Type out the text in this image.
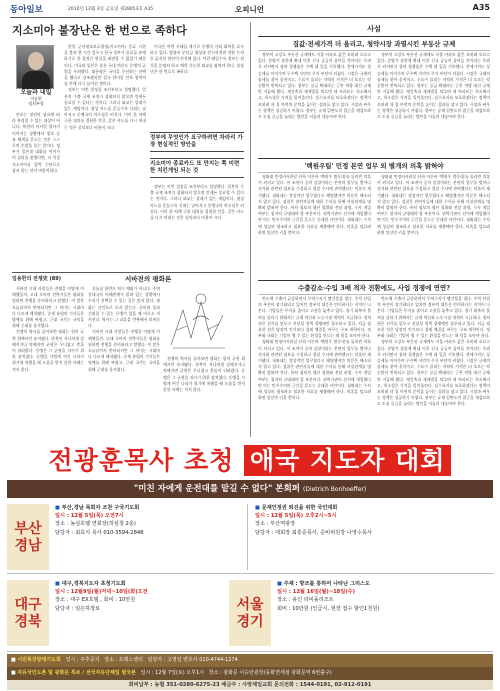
동아일보	2010년 12월 3일 금요일 제28053호 A35	오피니언	A35
지소미아 불장난은 한 번으로 족하다
오늘과 내일
이승헌
정치부장

한일 군사정보보호협정(지소미아) 종료 시한을 불과 몇 시간 앞두고 한국 정부가 종료를 유예하기로 한 결정은 현실을 외면할 수 없었기 때문이다. 미국과 일본은 물론 국내 여론도 동맹의 균열을 우려했다. 대통령은 국익을 우선하는 선택을 했다고 강조했지만 결국 한미일 안보 협력의 틀 안에 다시 들어선 셈이다.

정부는 이번 결정을 조건부라고 설명했다. 일본의 수출 규제 조치가 철회되지 않으면 언제든 종료할 수 있다는 것이다. 그러나 외교는 상대가 있는 게임이다. 협상 카드를 흔들수록 신뢰는 낮아지고 동맹국의 의구심은 커진다. 이미 한 차례 극한 대치를 경험한 만큼, 같은 카드를 다시 꺼내는 것은 실익보다 비용이 크다.

안보는 정권의 필요에 따라 흥정할 수 있는 대상이 아니다. 북한의 미사일 발사가 이어지는 상황에서 정보 공유 체계를 흔드는 것은 스스로의 손발을 묶는 일이다. 정부가 일본과 대화를 이어가며 실리를 찾겠다면, 더 이상 지소미아를 압박 수단으로 삼지 않는 것이 바람직하다.

미국은 이번 사태를 계기로 동맹의 신뢰 회복을 요구하고 있다. 방위비 분담금 협상과 전시작전권 전환 논의 등 굵직한 현안이 산적해 있다. 이런 때일수록 정부는 원칙을 분명히 하고 예측 가능한 외교를 펼쳐야 한다. 불장난은 한 번으로 족하다.

정부에 무엇인가 요구하려면 차라리 가장 현실적인 방안을
지소미아 종료카드 또 만지는 쪽 미련한 치킨게임 되는 것

정부는 이번 결정을 조건부라고 설명했다. 일본의 수출 규제 조치가 철회되지 않으면 언제든 종료할 수 있다는 것이다. 그러나 외교는 상대가 있는 게임이다. 협상 카드를 흔들수록 신뢰는 낮아지고 동맹국의 의구심은 커진다. 이미 한 차례 극한 대치를 경험한 만큼, 같은 카드를 다시 꺼내는 것은 실익보다 비용이 크다.

임용한의 전쟁史 (89)	서바전의 평화론

서바전 시대 사람들은 전쟁을 어떻게 이해했을까. 고대 로마의 전략가들은 평화를 원하면 전쟁을 준비하라고 말했다. 이 말은 오늘날까지 반복되지만 그 의미는 시대마다 다르게 해석됐다. 중세 유럽의 기사들은 명예를 위해 싸웠고, 근대 국가는 국익을 위해 군대를 움직였다.

전쟁의 역사를 돌아보면 평화는 힘의 균형 위에서만 유지됐다. 한쪽이 지나치게 강해지거나 약해지면 균형은 무너졌고 충돌이 뒤따랐다. 동맹은 그 균형을 지키기 위한 장치였다. 동맹을 가볍게 여긴 나라가 위기에 처했을 때 도움을 받지 못한 사례는 적지 않다.

오늘날 한반도 역시 예외가 아니다. 주변 강대국의 이해관계가 얽혀 있는 상황에서 우리가 선택할 수 있는 길은 많지 않다. 평화는 선언으로 오지 않는다. 준비된 힘과 신뢰할 수 있는 동맹이 있을 때 비로소 지켜진다. 역사는 그 교훈을 반복해서 보여준다.

서바전 시대 사람들은 전쟁을 어떻게 이해했을까. 고대 로마의 전략가들은 평화를 원하면 전쟁을 준비하라고 말했다. 이 말은 오늘날까지 반복되지만 그 의미는 시대마다 다르게 해석됐다. 중세 유럽의 기사들은 명예를 위해 싸웠고, 근대 국가는 국익을 위해 군대를 움직였다.

전쟁의 역사를 돌아보면 평화는 힘의 균형 위에서만 유지됐다. 한쪽이 지나치게 강해지거나 약해지면 균형은 무너졌고 충돌이 뒤따랐다. 동맹은 그 균형을 지키기 위한 장치였다. 동맹을 가볍게 여긴 나라가 위기에 처했을 때 도움을 받지 못한 사례는 적지 않다.

사설
집값·전세가격 더 올리고, 청약시장 과열시킨 부동산 규제

정부의 고강도 부동산 규제에도 서울 아파트 값은 오히려 오르고 있다. 분양가 상한제 확대 이후 신규 공급이 줄어들 것이라는 우려가 커지면서 청약 경쟁률은 수백 대 일을 기록했다. 전세가격도 상승세를 이어가며 무주택 서민의 주거 부담이 커졌다. 시장은 규제의 틈새를 찾아 움직이고, 수요가 몰리는 지역의 가격은 더 오르는 악순환이 반복되고 있다. 정부는 공급 확대라는 근본 처방 대신 규제만 거듭해 왔다. 재건축과 재개발을 막으면 새 아파트는 희소해지고, 희소성은 가격을 밀어올린다. 실수요자를 보호하겠다는 정책이 오히려 내 집 마련의 문턱을 높이는 결과를 낳고 있다. 시장과 싸우는 정책은 성공하기 어렵다. 정부는 규제 일변도의 접근을 재검토하고 도심 공급을 늘리는 방안을 서둘러 내놓아야 한다.

정부의 고강도 부동산 규제에도 서울 아파트 값은 오히려 오르고 있다. 분양가 상한제 확대 이후 신규 공급이 줄어들 것이라는 우려가 커지면서 청약 경쟁률은 수백 대 일을 기록했다. 전세가격도 상승세를 이어가며 무주택 서민의 주거 부담이 커졌다. 시장은 규제의 틈새를 찾아 움직이고, 수요가 몰리는 지역의 가격은 더 오르는 악순환이 반복되고 있다. 정부는 공급 확대라는 근본 처방 대신 규제만 거듭해 왔다. 재건축과 재개발을 막으면 새 아파트는 희소해지고, 희소성은 가격을 밀어올린다. 실수요자를 보호하겠다는 정책이 오히려 내 집 마련의 문턱을 높이는 결과를 낳고 있다. 시장과 싸우는 정책은 성공하기 어렵다. 정부는 규제 일변도의 접근을 재검토하고 도심 공급을 늘리는 방안을 서둘러 내놓아야 한다.

'백원우팀' 민정 본연 업무 외 별개의 의혹 밝혀야

청와대 민정비서관실 산하 이른바 '백원우 별동대'를 둘러싼 의혹이 커지고 있다. 이 조직이 공직 감찰이라는 본연의 업무를 벗어나 선거와 관련된 첩보를 수집하고 경찰 수사에 관여했다는 의혹이 제기됐다. 청와대는 정상적인 업무였다고 해명했지만 의문은 해소되지 않고 있다. 검찰은 관련자들에 대한 수사를 통해 사실관계를 명확히 밝혀야 한다. 특히 첩보의 생산 경위와 전달 과정, 수사 개입 여부는 철저히 규명돼야 할 부분이다. 권력기관이 선거에 개입했다면 이는 민주주의의 근간을 흔드는 중대한 사안이다. 청와대는 수사에 성실히 협조하고 필요한 자료를 제출해야 한다. 의혹을 덮으려 하면 불신만 키울 뿐이다.

청와대 민정비서관실 산하 이른바 '백원우 별동대'를 둘러싼 의혹이 커지고 있다. 이 조직이 공직 감찰이라는 본연의 업무를 벗어나 선거와 관련된 첩보를 수집하고 경찰 수사에 관여했다는 의혹이 제기됐다. 청와대는 정상적인 업무였다고 해명했지만 의문은 해소되지 않고 있다. 검찰은 관련자들에 대한 수사를 통해 사실관계를 명확히 밝혀야 한다. 특히 첩보의 생산 경위와 전달 과정, 수사 개입 여부는 철저히 규명돼야 할 부분이다. 권력기관이 선거에 개입했다면 이는 민주주의의 근간을 흔드는 중대한 사안이다. 청와대는 수사에 성실히 협조하고 필요한 자료를 제출해야 한다. 의혹을 덮으려 하면 불신만 키울 뿐이다.

수출감소·수입 3배 적자 전환에도, 사업 경쟁에 연연?

반도체 수출이 급감하면서 무역수지가 빨간불을 켰다. 주력 산업의 부진이 장기화되고 있지만 정부의 대응은 안이하다는 지적이 나온다. 기업들은 투자를 줄이고 고용을 늦추고 있다. 경기 회복의 불씨를 살리기 위해서는 규제 혁신과 노동시장 개혁이 시급하다. 정치권은 선거를 앞두고 선심성 정책 경쟁에만 몰두하고 있다. 지금 필요한 것은 당장의 인기보다 경제 체질을 바꾸는 구조 개혁이다. 정부와 국회는 기업이 뛸 수 있는 환경을 만드는 데 힘을 모아야 한다.

청와대 민정비서관실 산하 이른바 '백원우 별동대'를 둘러싼 의혹이 커지고 있다. 이 조직이 공직 감찰이라는 본연의 업무를 벗어나 선거와 관련된 첩보를 수집하고 경찰 수사에 관여했다는 의혹이 제기됐다. 청와대는 정상적인 업무였다고 해명했지만 의문은 해소되지 않고 있다. 검찰은 관련자들에 대한 수사를 통해 사실관계를 명확히 밝혀야 한다. 특히 첩보의 생산 경위와 전달 과정, 수사 개입 여부는 철저히 규명돼야 할 부분이다. 권력기관이 선거에 개입했다면 이는 민주주의의 근간을 흔드는 중대한 사안이다. 청와대는 수사에 성실히 협조하고 필요한 자료를 제출해야 한다. 의혹을 덮으려 하면 불신만 키울 뿐이다.

반도체 수출이 급감하면서 무역수지가 빨간불을 켰다. 주력 산업의 부진이 장기화되고 있지만 정부의 대응은 안이하다는 지적이 나온다. 기업들은 투자를 줄이고 고용을 늦추고 있다. 경기 회복의 불씨를 살리기 위해서는 규제 혁신과 노동시장 개혁이 시급하다. 정치권은 선거를 앞두고 선심성 정책 경쟁에만 몰두하고 있다. 지금 필요한 것은 당장의 인기보다 경제 체질을 바꾸는 구조 개혁이다. 정부와 국회는 기업이 뛸 수 있는 환경을 만드는 데 힘을 모아야 한다.

정부의 고강도 부동산 규제에도 서울 아파트 값은 오히려 오르고 있다. 분양가 상한제 확대 이후 신규 공급이 줄어들 것이라는 우려가 커지면서 청약 경쟁률은 수백 대 일을 기록했다. 전세가격도 상승세를 이어가며 무주택 서민의 주거 부담이 커졌다. 시장은 규제의 틈새를 찾아 움직이고, 수요가 몰리는 지역의 가격은 더 오르는 악순환이 반복되고 있다. 정부는 공급 확대라는 근본 처방 대신 규제만 거듭해 왔다. 재건축과 재개발을 막으면 새 아파트는 희소해지고, 희소성은 가격을 밀어올린다. 실수요자를 보호하겠다는 정책이 오히려 내 집 마련의 문턱을 높이는 결과를 낳고 있다. 시장과 싸우는 정책은 성공하기 어렵다. 정부는 규제 일변도의 접근을 재검토하고 도심 공급을 늘리는 방안을 서둘러 내놓아야 한다.

전광훈목사 초청 애국 지도자 대회
"미친 자에게 운전대를 맡길 수 없다" 본회퍼 (Dietrich Bonhoeffer)
부산
경남
■ 부산,경남 목회자 조찬 구국기도회
일시 : 12월 5일(목) 오전7시
장소 : 농심호텔 연회장(허심청 2층)
담당자 : 최효식 목사 010-3594-2848
■ 문재인정권 퇴진을 위한 국민대회
일시 : 12월 5일(목) 오후2시~5시
장소 : 부산역광장
담당자 : 대회장 최흥준목사, 준비위원장 나영수목사
대구
경북
■ 대구,경북지도자 초청기도회
일시 : 12월9일(월)저녁~10일(화)오전
장소 : 대구 EX호텔 , 회비 : 10만원
담당자 : 임은하장로	서울
경기
■ 주제 : 향조를 통하여 나타난 그리스도
일시 : 12월 16일(월)~18일(수)
장소 : 용인 라비돌리조트
회비 : 10만원 (인급식, 현장 접수 할인1천원)
■ 시민특강방대기도회 일시 : 주후공지 장소 : 프레스센터 담당자 : 고영일 변호사 010-4744-1274
■ 자유국민도촌 및 광화문 특보 / 전국자유단체일 범국본 일시 : 12월 7일(토) 오후1시 장소 : 광화문 이승만광장(동화면세점 광화문역 6번출구)
회비납부 : 농협 351-0280-6275-23 예금주 : 사랑제일교회 문의전화 : 1544-0191, 02-912-0191
